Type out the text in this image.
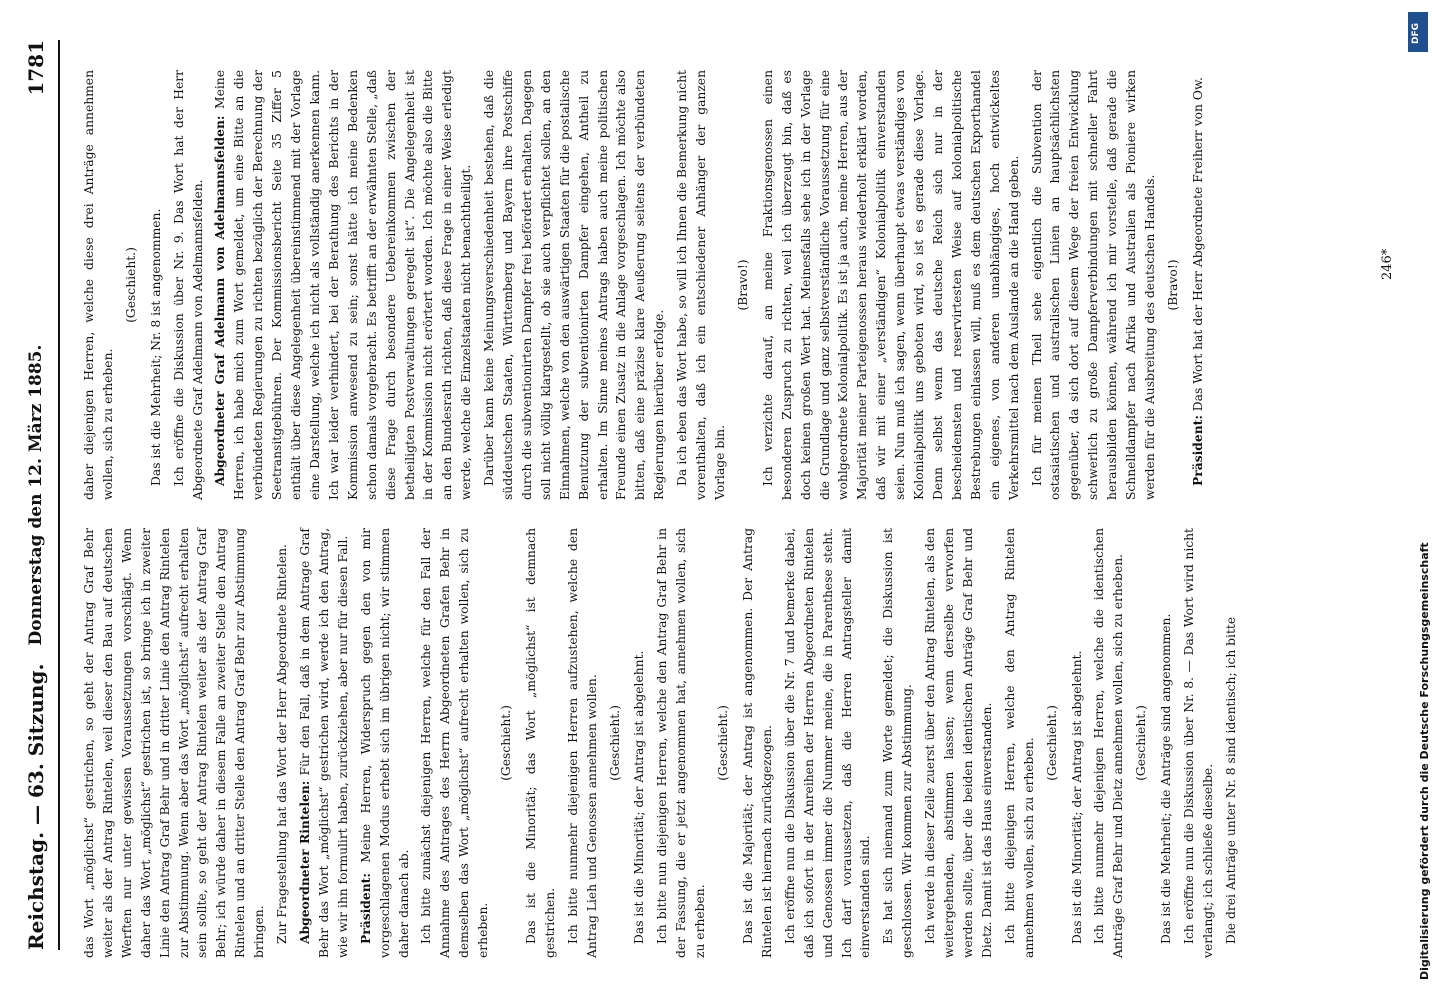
Reichstag. — 63. Sitzung.
Donnerstag den 12. März 1885.
1781

das Wort „möglichst“ gestrichen, so geht der Antrag Graf Behr weiter als der Antrag Rintelen, weil dieser den Bau auf deutschen Werften nur unter gewissen Voraussetzungen vorschlägt. Wenn daher das Wort „möglichst“ gestrichen ist, so bringe ich in zweiter Linie den Antrag Graf Behr und in dritter Linie den Antrag Rintelen zur Abstimmung. Wenn aber das Wort „möglichst“ aufrecht erhalten sein sollte, so geht der Antrag Rintelen weiter als der Antrag Graf Behr; ich würde daher in diesem Falle an zweiter Stelle den Antrag Rintelen und an dritter Stelle den Antrag Graf Behr zur Abstimmung bringen. Zur Fragestellung hat das Wort der Herr Abgeordnete Rintelen. Abgeordneter Rintelen: Für den Fall, daß in dem Antrage Graf Behr das Wort „möglichst“ gestrichen wird, werde ich den Antrag, wie wir ihn formulirt haben, zurückziehen, aber nur für diesen Fall. Präsident: Meine Herren, Widerspruch gegen den von mir vorgeschlagenen Modus erhebt sich im übrigen nicht; wir stimmen daher danach ab. Ich bitte zunächst diejenigen Herren, welche für den Fall der Annahme des Antrages des Herrn Abgeordneten Grafen Behr in demselben das Wort „möglichst“ aufrecht erhalten wollen, sich zu erheben.

(Geschieht.) Das ist die Minorität; das Wort „möglichst“ ist demnach gestrichen. Ich bitte nunmehr diejenigen Herren aufzustehen, welche den Antrag Lieh und Genossen annehmen wollen. (Geschieht.) Das ist die Minorität; der Antrag ist abgelehnt. Ich bitte nun diejenigen Herren, welche den Antrag Graf Behr in der Fassung, die er jetzt angenommen hat, annehmen wollen, sich zu erheben.

(Geschieht.) Das ist die Majorität; der Antrag ist angenommen. Der Antrag Rintelen ist hiernach zurückgezogen. Ich eröffne nun die Diskussion über die Nr. 7 und bemerke dabei, daß ich sofort in der Anreihen der Herren Abgeordneten Rintelen und Genossen immer die Nummer meine, die in Parenthese steht. Ich darf voraussetzen, daß die Herren Antragsteller damit einverstanden sind. Es hat sich niemand zum Worte gemeldet; die Diskussion ist geschlossen. Wir kommen zur Abstimmung. Ich werde in dieser Zeile zuerst über den Antrag Rintelen, als den weitergehenden, abstimmen lassen; wenn derselbe verworfen werden sollte, über die beiden identischen Anträge Graf Behr und Dietz. Damit ist das Haus einverstanden. Ich bitte diejenigen Herren, welche den Antrag Rintelen annehmen wollen, sich zu erheben. (Geschieht.) Das ist die Minorität; der Antrag ist abgelehnt. Ich bitte nunmehr diejenigen Herren, welche die identischen Anträge Graf Behr und Dietz annehmen wollen, sich zu erheben. (Geschieht.) Das ist die Mehrheit; die Anträge sind angenommen. Ich eröffne nun die Diskussion über Nr. 8. — Das Wort wird nicht verlangt; ich schließe dieselbe. Die drei Anträge unter Nr. 8 sind identisch; ich bitte

daher diejenigen Herren, welche diese drei Anträge annehmen wollen, sich zu erheben.

(Geschieht.) Das ist die Mehrheit; Nr. 8 ist angenommen. Ich eröffne die Diskussion über Nr. 9. Das Wort hat der Herr Abgeordnete Graf Adelmann von Adelmannsfelden. Abgeordneter Graf Adelmann von Adelmannsfelden: Meine Herren, ich habe mich zum Wort gemeldet, um eine Bitte an die verbündeten Regierungen zu richten bezüglich der Berechnung der Seetransitgebühren. Der Kommissionsbericht Seite 35 Ziffer 5 enthält über diese Angelegenheit übereinstimmend mit der Vorlage eine Darstellung, welche ich nicht als vollständig anerkennen kann. Ich war leider verhindert, bei der Berathung des Berichts in der Kommission anwesend zu sein; sonst hätte ich meine Bedenken schon damals vorgebracht. Es betrifft an der erwähnten Stelle, „daß diese Frage durch besondere Uebereinkommen zwischen der betheiligten Postverwaltungen geregelt ist“. Die Angelegenheit ist in der Kommission nicht erörtert worden. Ich möchte also die Bitte an den Bundesrath richten, daß diese Frage in einer Weise erledigt werde, welche die Einzelstaaten nicht benachtheiligt. Darüber kann keine Meinungsverschiedenheit bestehen, daß die süddeutschen Staaten, Württemberg und Bayern ihre Postschiffe durch die subventionirten Dampfer frei befördert erhalten. Dagegen soll nicht völlig klargestellt, ob sie auch verpflichtet sollen, an den Einnahmen, welche von den auswärtigen Staaten für die postalische Benutzung der subventionirten Dampfer eingehen, Antheil zu erhalten. Im Sinne meines Antrags haben auch meine politischen Freunde einen Zusatz in die Anlage vorgeschlagen. Ich möchte also bitten, daß eine präzise klare Aeußerung seitens der verbündeten Regierungen hierüber erfolge. Da ich eben das Wort habe, so will ich Ihnen die Bemerkung nicht vorenthalten, daß ich ein entschiedener Anhänger der ganzen Vorlage bin.

(Bravo!) Ich verzichte darauf, an meine Fraktionsgenossen einen besonderen Zuspruch zu richten, weil ich überzeugt bin, daß es doch keinen großen Wert hat. Meinesfalls sehe ich in der Vorlage die Grundlage und ganz selbstverständliche Voraussetzung für eine wohlgeordnete Kolonialpolitik. Es ist ja auch, meine Herren, aus der Majorität meiner Parteigenossen heraus wiederholt erklärt worden, daß wir mit einer „verständigen“ Kolonialpolitik einverstanden seien. Nun muß ich sagen, wenn überhaupt etwas verständiges von Kolonialpolitik uns geboten wird, so ist es gerade diese Vorlage. Denn selbst wenn das deutsche Reich sich nur in der bescheidensten und reservirtesten Weise auf kolonialpolitische Bestrebungen einlassen will, muß es dem deutschen Exporthandel ein eigenes, von anderen unabhängiges, hoch entwickeltes Verkehrsmittel nach dem Auslande an die Hand geben. Ich für meinen Theil sehe eigentlich die Subvention der ostasiatischen und australischen Linien an hauptsächlichsten gegenüber, da sich dort auf diesem Wege der freien Entwicklung schwerlich zu große Dampferverbindungen mit schneller Fahrt herausbilden können, während ich mir vorstelle, daß gerade die Schnelldampfer nach Afrika und Australien als Pioniere wirken werden für die Ausbreitung des deutschen Handels. (Bravo!)

Präsident: Das Wort hat der Herr Abgeordnete Freiherr von Ow.	246*
DFG
Digitalisierung gefördert durch die Deutsche Forschungsgemeinschaft
